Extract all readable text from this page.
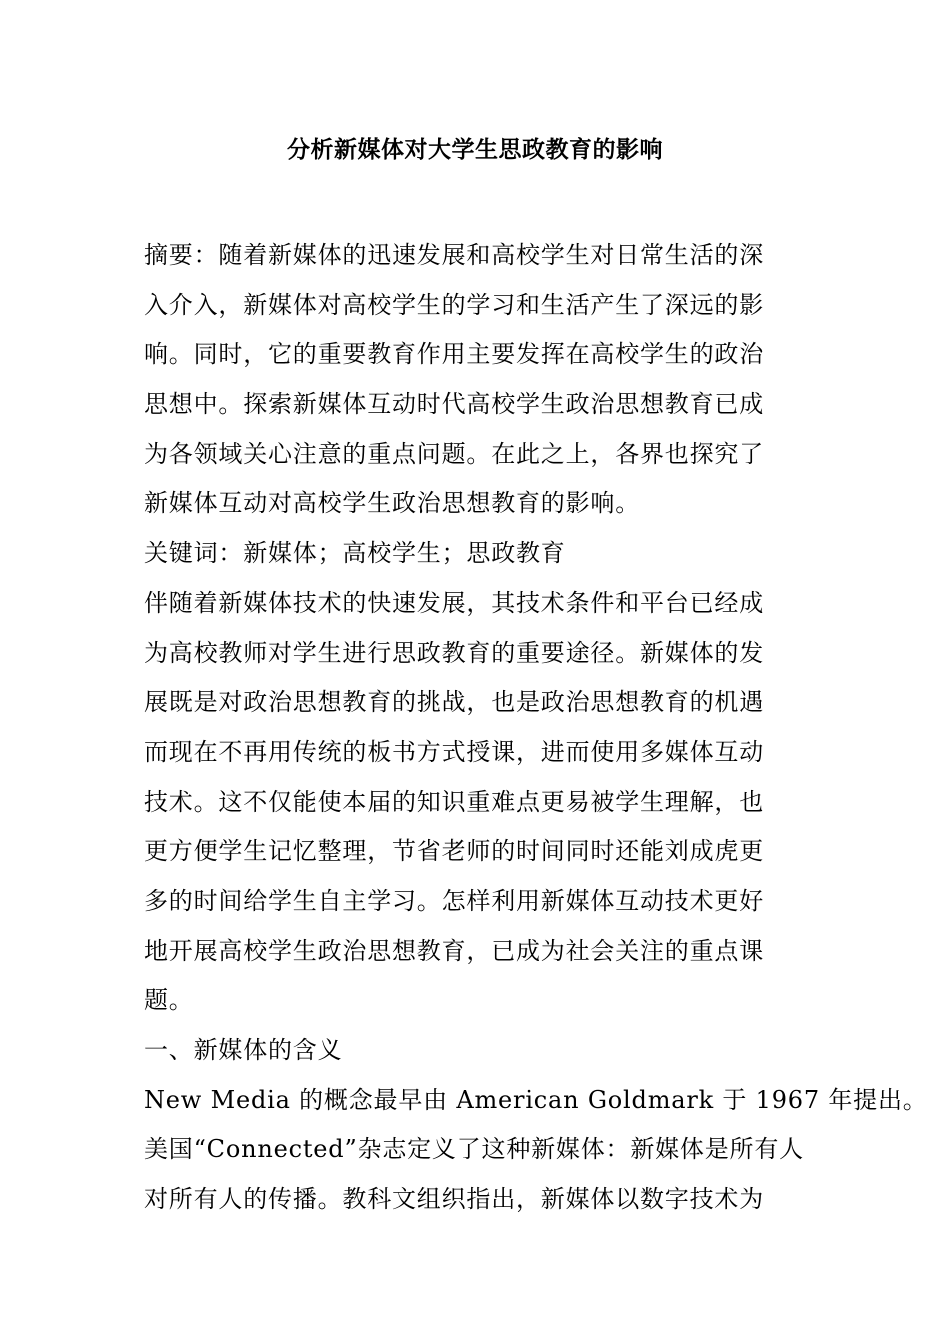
分析新媒体对大学生思政教育的影响

摘要：随着新媒体的迅速发展和高校学生对日常生活的深
入介入，新媒体对高校学生的学习和生活产生了深远的影
响。同时，它的重要教育作用主要发挥在高校学生的政治
思想中。探索新媒体互动时代高校学生政治思想教育已成
为各领域关心注意的重点问题。在此之上，各界也探究了
新媒体互动对高校学生政治思想教育的影响。

关键词：新媒体；高校学生；思政教育

伴随着新媒体技术的快速发展，其技术条件和平台已经成
为高校教师对学生进行思政教育的重要途径。新媒体的发
展既是对政治思想教育的挑战，也是政治思想教育的机遇
而现在不再用传统的板书方式授课，进而使用多媒体互动
技术。这不仅能使本届的知识重难点更易被学生理解，也
更方便学生记忆整理，节省老师的时间同时还能刘成虎更
多的时间给学生自主学习。怎样利用新媒体互动技术更好
地开展高校学生政治思想教育，已成为社会关注的重点课
题。

一、新媒体的含义

New Media 的概念最早由 American Goldmark 于 1967 年提出。
美国“Connected”杂志定义了这种新媒体：新媒体是所有人
对所有人的传播。教科文组织指出，新媒体以数字技术为
